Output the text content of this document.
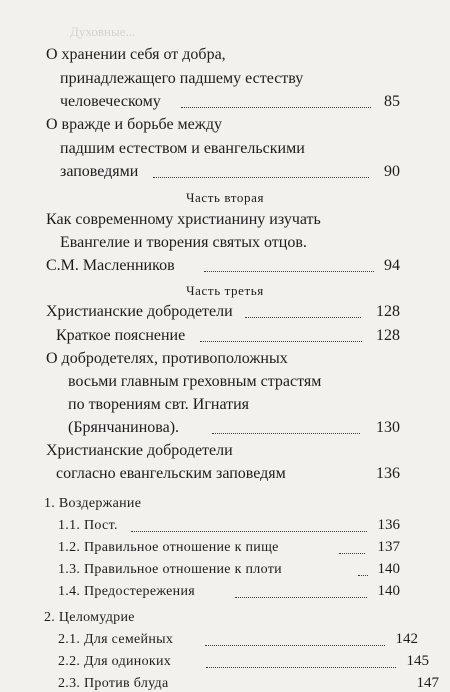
Духовные...
О хранении себя от добра,
принадлежащего падшему естеству
человеческому	85
О вражде и борьбе между
падшим естеством и евангельскими
заповедями	90
Часть вторая
Как современному христианину изучать
Евангелие и творения святых отцов.
С.М. Масленников	94
Часть третья
Христианские добродетели	128
Краткое пояснение	128
О добродетелях, противоположных
восьми главным греховным страстям
по творениям свт. Игнатия
(Брянчанинова).	130
Христианские добродетели
согласно евангельским заповедям	136
1. Воздержание
1.1. Пост.	136
1.2. Правильное отношение к пище	137
1.3. Правильное отношение к плоти	140
1.4. Предостережения	140
2. Целомудрие
2.1. Для семейных	142
2.2. Для одиноких	145
2.3. Против блуда	147
